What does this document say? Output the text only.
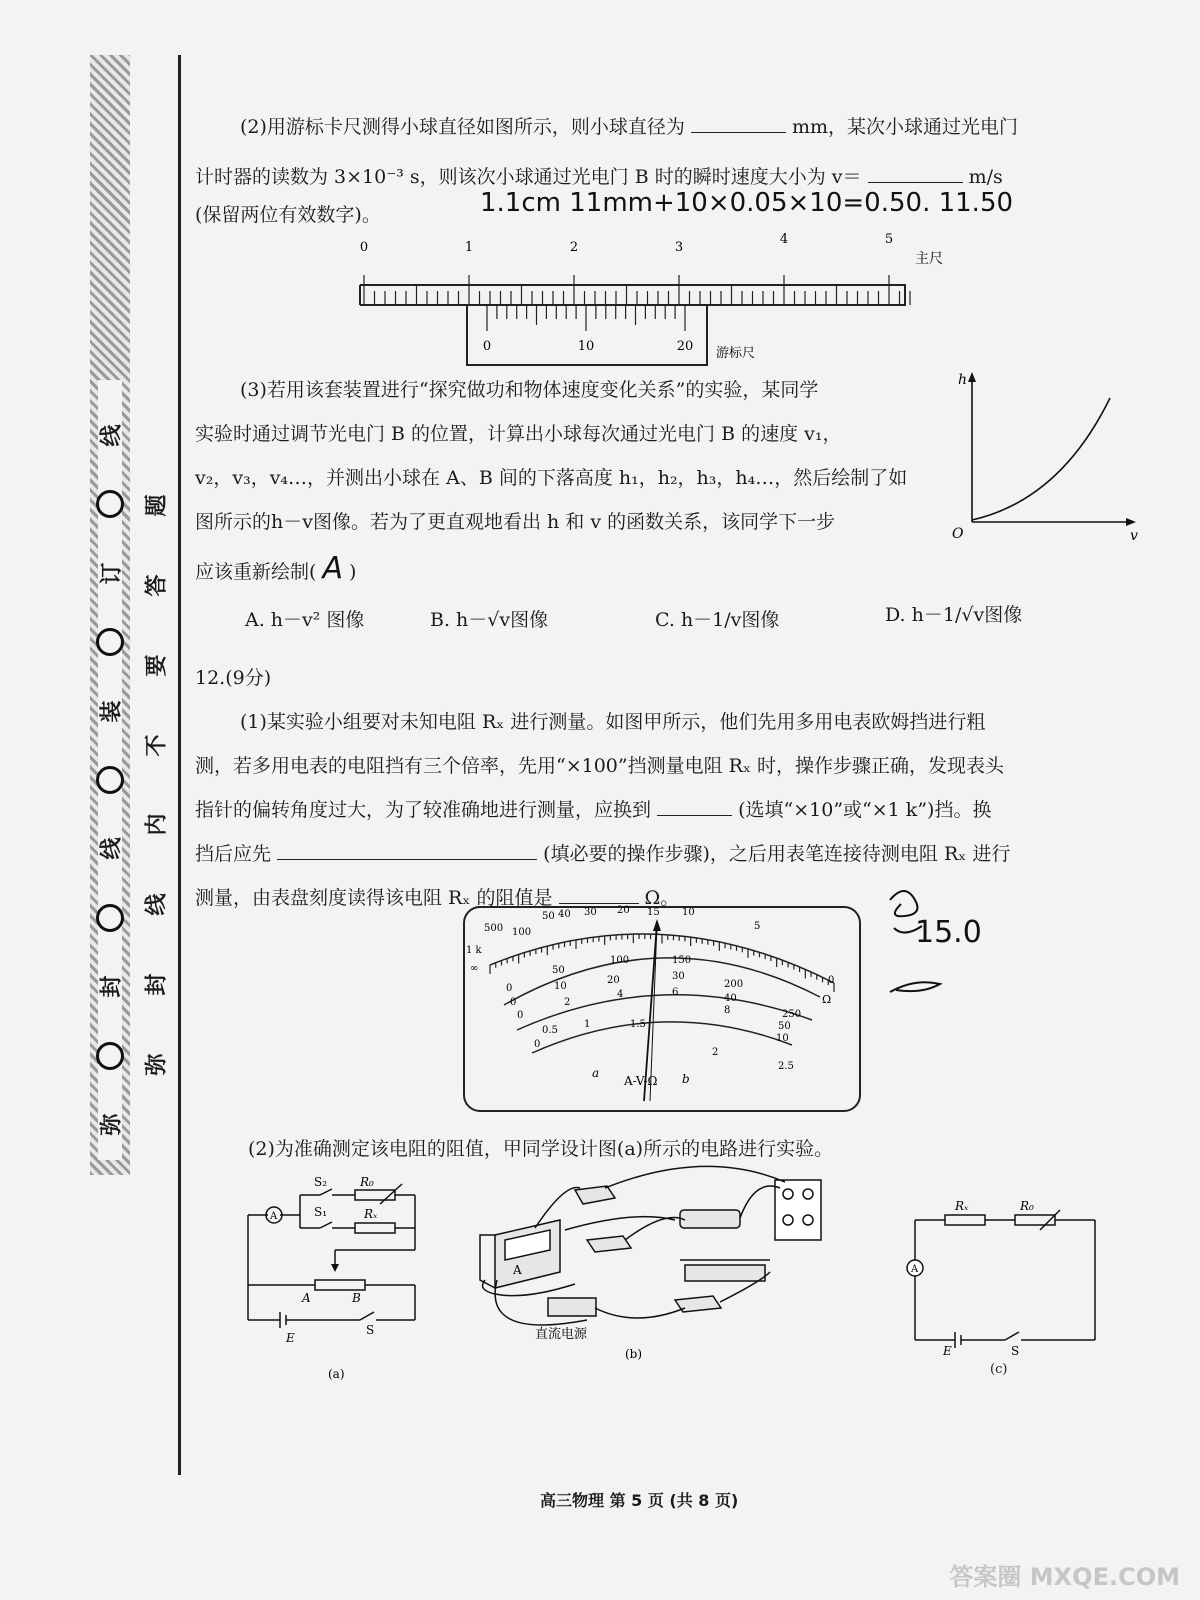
线
订
装
线
封
弥
题
答
要
不
内
线
封
弥
(2)用游标卡尺测得小球直径如图所示，则小球直径为	mm，某次小球通过光电门
计时器的读数为 3×10⁻³ s，则该次小球通过光电门 B 时的瞬时速度大小为 v＝	m/s
(保留两位有效数字)。	1.1cm 11mm+10×0.05×10=0.50. 11.50
0	1	2	3
4	5
主尺
0	10	20 游标尺
(3)若用该套装置进行“探究做功和物体速度变化关系”的实验，某同学
实验时通过调节光电门 B 的位置，计算出小球每次通过光电门 B 的速度 v₁，
v₂，v₃，v₄…，并测出小球在 A、B 间的下落高度 h₁，h₂，h₃，h₄…，然后绘制了如
图所示的h－v图像。若为了更直观地看出 h 和 v 的函数关系，该同学下一步
应该重新绘制( A )
h
v
O
A. h－v² 图像	B. h－√v图像	C. h－1/v图像	D. h－1/√v图像
12.(9分)
(1)某实验小组要对未知电阻 Rₓ 进行测量。如图甲所示，他们先用多用电表欧姆挡进行粗
测，若多用电表的电阻挡有三个倍率，先用“×100”挡测量电阻 Rₓ 时，操作步骤正确，发现表头
指针的偏转角度过大，为了较准确地进行测量，应换到	(选填“×10”或“×1 k”)挡。换
挡后应先	(填必要的操作步骤)，之后用表笔连接待测电阻 Rₓ 进行
测量，由表盘刻度读得该电阻 Rₓ 的阻值是	Ω。
15.0
∞
1 k
500 100
50 40 30 20 15 10
5
0
Ω
0
50
100	150
200
250
0
10
20	30
40
50
0
2
4	6
8
10
0
0.5
1	1.5
2
2.5
a
A-V-Ω b
(2)为准确测定该电阻的阻值，甲同学设计图(a)所示的电路进行实验。
A
S₂	R₀
S₁	Rₓ
A	B
E
S
(a)
A
直流电源
(b)
A
Rₓ	R₀
E	S
(c)
高三物理 第 5 页 (共 8 页)
答案圈 MXQE.COM
